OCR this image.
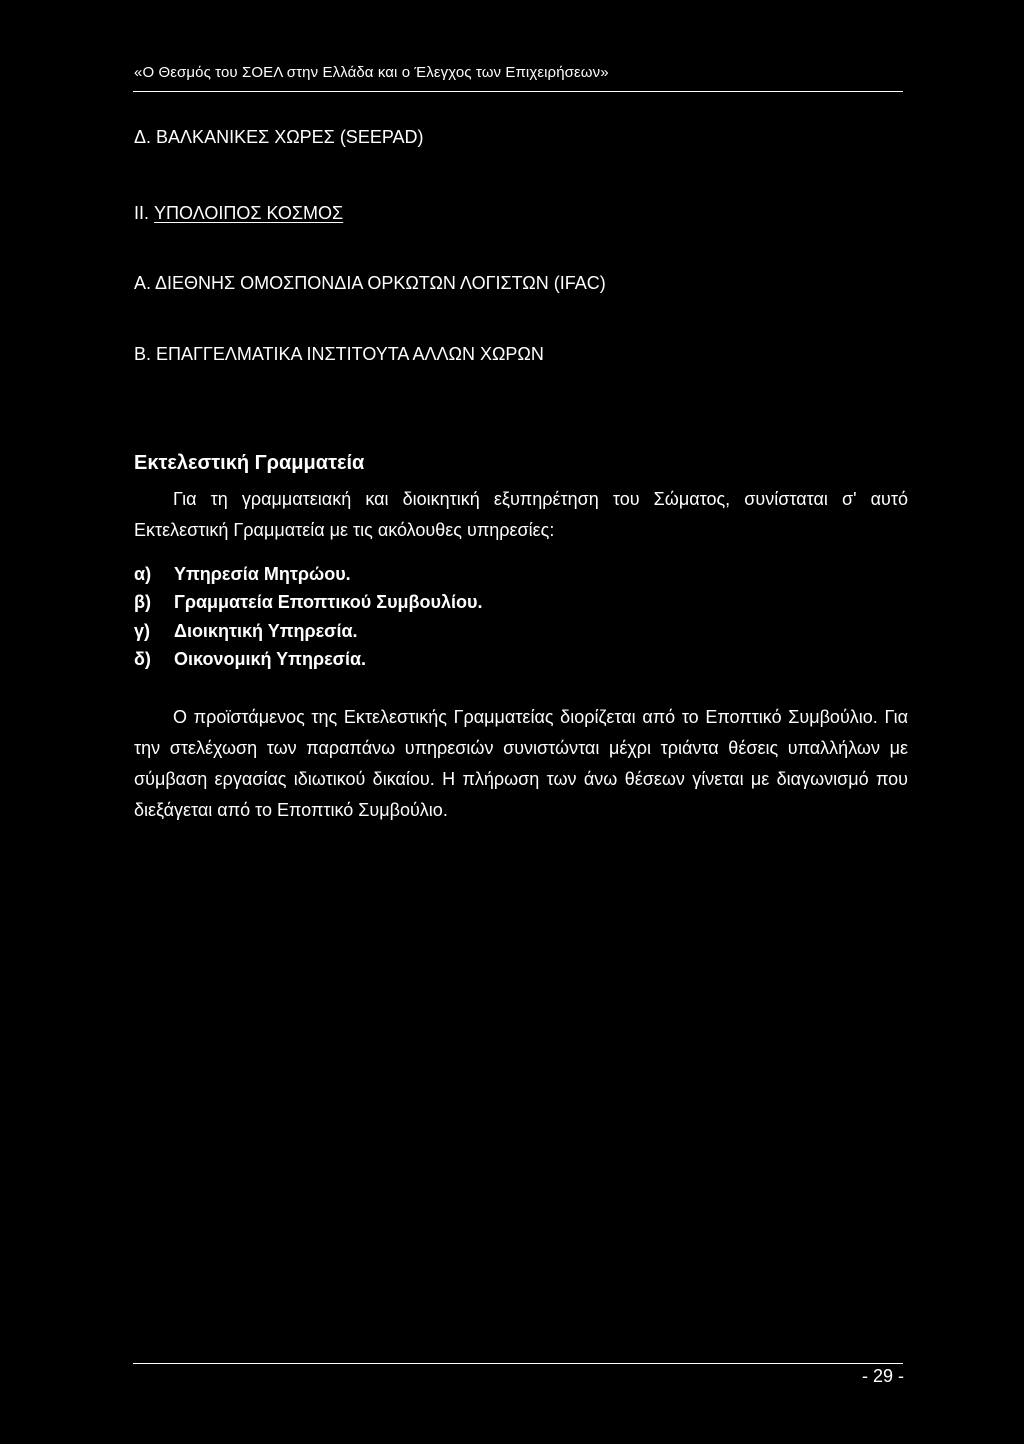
«Ο Θεσμός του ΣΟΕΛ στην Ελλάδα και ο Έλεγχος των Επιχειρήσεων»
Δ. ΒΑΛΚΑΝΙΚΕΣ ΧΩΡΕΣ (SEEPAD)
II. ΥΠΟΛΟΙΠΟΣ ΚΟΣΜΟΣ
Α. ΔΙΕΘΝΗΣ ΟΜΟΣΠΟΝΔΙΑ ΟΡΚΩΤΩΝ ΛΟΓΙΣΤΩΝ (IFAC)
Β. ΕΠΑΓΓΕΛΜΑΤΙΚΑ ΙΝΣΤΙΤΟΥΤΑ ΑΛΛΩΝ ΧΩΡΩΝ
Εκτελεστική Γραμματεία
Για τη γραμματειακή και διοικητική εξυπηρέτηση του Σώματος, συνίσταται σ' αυτό Εκτελεστική Γραμματεία με τις ακόλουθες υπηρεσίες:
α)	Υπηρεσία Μητρώου.
β)	Γραμματεία Εποπτικού Συμβουλίου.
γ)	Διοικητική Υπηρεσία.
δ)	Οικονομική Υπηρεσία.
Ο προϊστάμενος της Εκτελεστικής Γραμματείας διορίζεται από το Εποπτικό Συμβούλιο. Για την στελέχωση των παραπάνω υπηρεσιών συνιστώνται μέχρι τριάντα θέσεις υπαλλήλων με σύμβαση εργασίας ιδιωτικού δικαίου. Η πλήρωση των άνω θέσεων γίνεται με διαγωνισμό που διεξάγεται από το Εποπτικό Συμβούλιο.
- 29 -
